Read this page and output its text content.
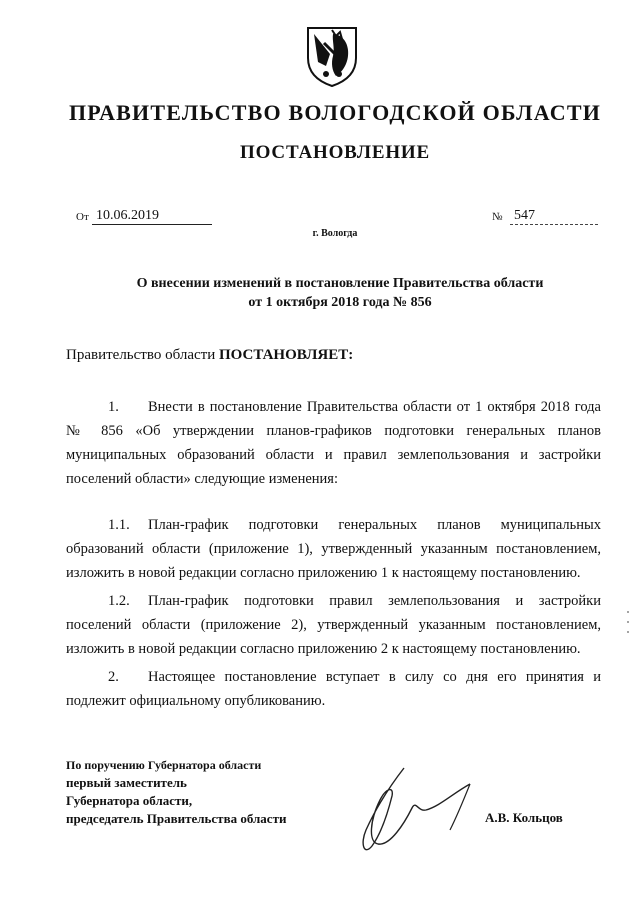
ПРАВИТЕЛЬСТВО ВОЛОГОДСКОЙ ОБЛАСТИ
ПОСТАНОВЛЕНИЕ
От 10.06.2019	№ 547
г. Вологда
О внесении изменений в постановление Правительства области
от 1 октября 2018 года № 856
Правительство области ПОСТАНОВЛЯЕТ:
1. Внести в постановление Правительства области от 1 октября 2018 года № 856 «Об утверждении планов-графиков подготовки генеральных планов муниципальных образований области и правил землепользования и застройки поселений области» следующие изменения:
1.1. План-график подготовки генеральных планов муниципальных образований области (приложение 1), утвержденный указанным постановлением, изложить в новой редакции согласно приложению 1 к настоящему постановлению.
1.2. План-график подготовки правил землепользования и застройки поселений области (приложение 2), утвержденный указанным постановлением, изложить в новой редакции согласно приложению 2 к настоящему постановлению.
2. Настоящее постановление вступает в силу со дня его принятия и подлежит официальному опубликованию.
По поручению Губернатора области
первый заместитель
Губернатора области,
председатель Правительства области	А.В. Кольцов
